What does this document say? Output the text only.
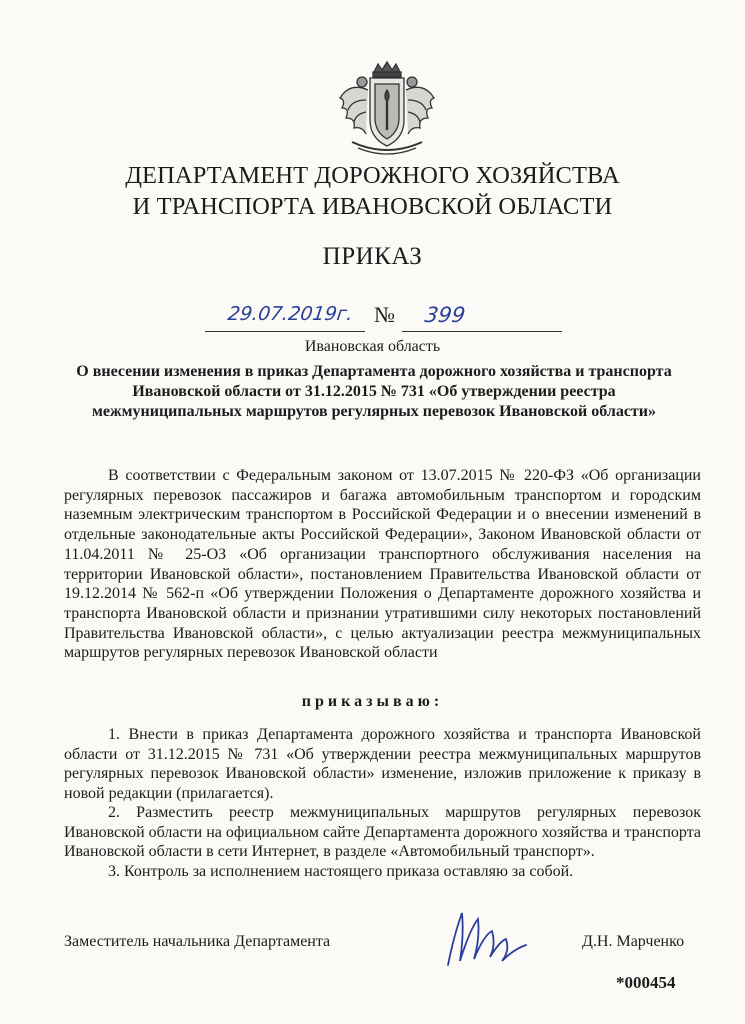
ДЕПАРТАМЕНТ ДОРОЖНОГО ХОЗЯЙСТВА
И ТРАНСПОРТА ИВАНОВСКОЙ ОБЛАСТИ
ПРИКАЗ
29.07.2019г. № 399
Ивановская область
О внесении изменения в приказ Департамента дорожного хозяйства и транспорта Ивановской области от 31.12.2015 № 731 «Об утверждении реестра межмуниципальных маршрутов регулярных перевозок Ивановской области»

В соответствии с Федеральным законом от 13.07.2015 № 220-ФЗ «Об организации регулярных перевозок пассажиров и багажа автомобильным транспортом и городским наземным электрическим транспортом в Российской Федерации и о внесении изменений в отдельные законодательные акты Российской Федерации», Законом Ивановской области от 11.04.2011 № 25-ОЗ «Об организации транспортного обслуживания населения на территории Ивановской области», постановлением Правительства Ивановской области от 19.12.2014 № 562-п «Об утверждении Положения о Департаменте дорожного хозяйства и транспорта Ивановской области и признании утратившими силу некоторых постановлений Правительства Ивановской области», с целью актуализации реестра межмуниципальных маршрутов регулярных перевозок Ивановской области

приказываю:

1. Внести в приказ Департамента дорожного хозяйства и транспорта Ивановской области от 31.12.2015 № 731 «Об утверждении реестра межмуниципальных маршрутов регулярных перевозок Ивановской области» изменение, изложив приложение к приказу в новой редакции (прилагается).

2. Разместить реестр межмуниципальных маршрутов регулярных перевозок Ивановской области на официальном сайте Департамента дорожного хозяйства и транспорта Ивановской области в сети Интернет, в разделе «Автомобильный транспорт».

3. Контроль за исполнением настоящего приказа оставляю за собой.

Заместитель начальника Департамента	Д.Н. Марченко
*000454
